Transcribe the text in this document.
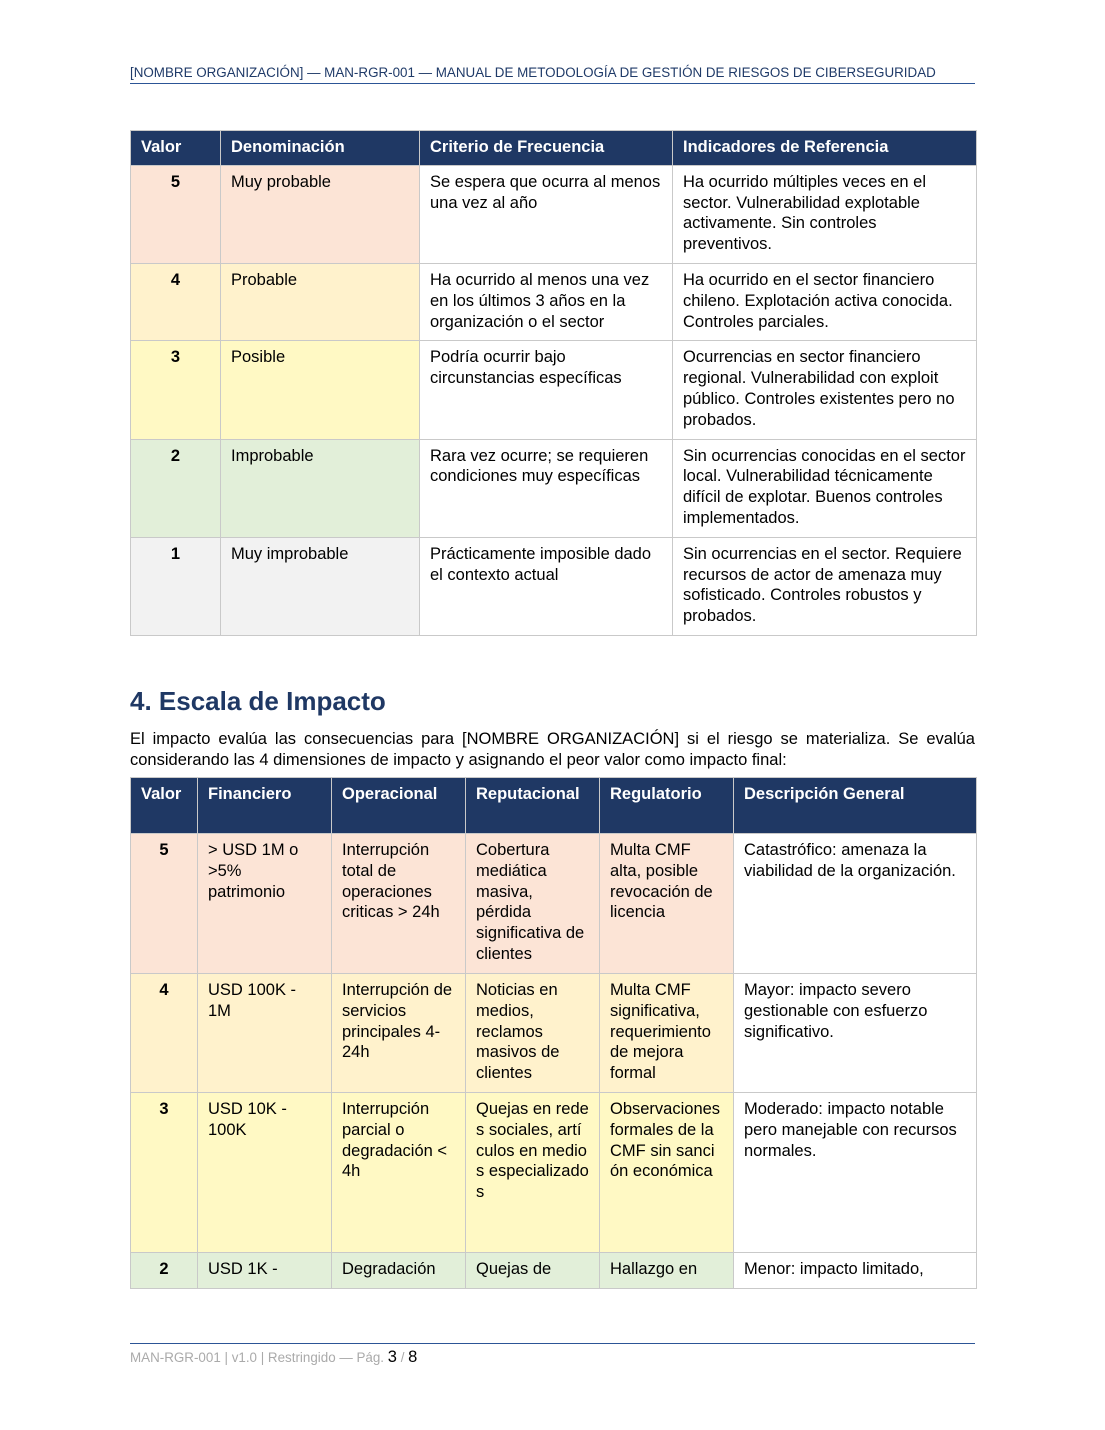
[NOMBRE ORGANIZACIÓN] — MAN-RGR-001 — MANUAL DE METODOLOGÍA DE GESTIÓN DE RIESGOS DE CIBERSEGURIDAD
Valor	Denominación	Criterio de Frecuencia	Indicadores de Referencia
5	Muy probable	Se espera que ocurra al menos una vez al año	Ha ocurrido múltiples veces en el sector. Vulnerabilidad explotable activamente. Sin controles preventivos.
4	Probable	Ha ocurrido al menos una vez en los últimos 3 años en la organización o el sector	Ha ocurrido en el sector financiero chileno. Explotación activa conocida. Controles parciales.
3	Posible	Podría ocurrir bajo circunstancias específicas	Ocurrencias en sector financiero regional. Vulnerabilidad con exploit público. Controles existentes pero no probados.
2	Improbable	Rara vez ocurre; se requieren condiciones muy específicas	Sin ocurrencias conocidas en el sector local. Vulnerabilidad técnicamente difícil de explotar. Buenos controles implementados.
1	Muy improbable	Prácticamente imposible dado el contexto actual	Sin ocurrencias en el sector. Requiere recursos de actor de amenaza muy sofisticado. Controles robustos y probados.
4. Escala de Impacto

El impacto evalúa las consecuencias para [NOMBRE ORGANIZACIÓN] si el riesgo se materializa. Se evalúa considerando las 4 dimensiones de impacto y asignando el peor valor como impacto final:

Valor	Financiero	Operacional	Reputacional	Regulatorio	Descripción General
5	> USD 1M o >5% patrimonio	Interrupción total de operaciones criticas > 24h	Cobertura mediática masiva, pérdida significativa de clientes	Multa CMF alta, posible revocación de licencia	Catastrófico: amenaza la viabilidad de la organización.
4	USD 100K - 1M	Interrupción de servicios principales 4-24h	Noticias en medios, reclamos masivos de clientes	Multa CMF significativa, requerimiento de mejora formal	Mayor: impacto severo gestionable con esfuerzo significativo.
3	USD 10K - 100K	Interrupción parcial o degradación < 4h	Quejas en redes sociales, artículos en medios especializados	Observaciones formales de la CMF sin sanción económica	Moderado: impacto notable pero manejable con recursos normales.
2	USD 1K -	Degradación	Quejas de	Hallazgo en	Menor: impacto limitado,
MAN-RGR-001 | v1.0 | Restringido — Pág. 3 / 8
